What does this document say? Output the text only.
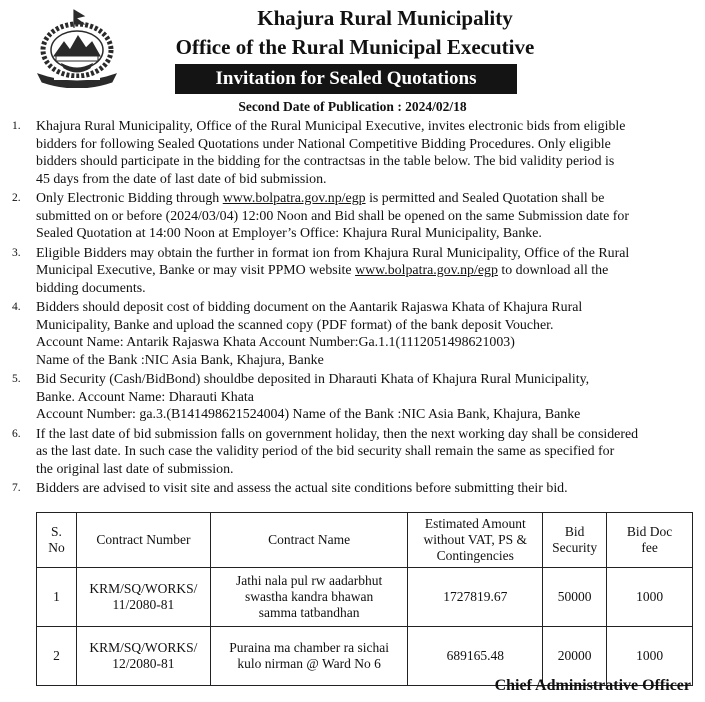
Khajura Rural Municipality
Office of the Rural Municipal Executive
Invitation for Sealed Quotations
Second Date of Publication : 2024/02/18
1. Khajura Rural Municipality, Office of the Rural Municipal Executive, invites electronic bids from eligible
bidders for following Sealed Quotations under National Competitive Bidding Procedures. Only eligible
bidders should participate in the bidding for the contractsas in the table below. The bid validity period is
45 days from the date of last date of bid submission.
2. Only Electronic Bidding through www.bolpatra.gov.np/egp is permitted and Sealed Quotation shall be
submitted on or before (2024/03/04) 12:00 Noon and Bid shall be opened on the same Submission date for
Sealed Quotation at 14:00 Noon at Employer’s Office: Khajura Rural Municipality, Banke.
3. Eligible Bidders may obtain the further in format ion from Khajura Rural Municipality, Office of the Rural
Municipal Executive, Banke or may visit PPMO website www.bolpatra.gov.np/egp to download all the
bidding documents.
4. Bidders should deposit cost of bidding document on the Aantarik Rajaswa Khata of Khajura Rural
Municipality, Banke and upload the scanned copy (PDF format) of the bank deposit Voucher.
Account Name: Antarik Rajaswa Khata Account Number:Ga.1.1(1112051498621003)
Name of the Bank :NIC Asia Bank, Khajura, Banke
5. Bid Security (Cash/BidBond) shouldbe deposited in Dharauti Khata of Khajura Rural Municipality,
Banke. Account Name: Dharauti Khata
Account Number: ga.3.(B141498621524004) Name of the Bank :NIC Asia Bank, Khajura, Banke
6. If the last date of bid submission falls on government holiday, then the next working day shall be considered
as the last date. In such case the validity period of the bid security shall remain the same as specified for
the original last date of submission.
7. Bidders are advised to visit site and assess the actual site conditions before submitting their bid.
S.
No	Contract Number	Contract Name	Estimated Amount
without VAT, PS &
Contingencies	Bid
Security	Bid Doc
fee
1	KRM/SQ/WORKS/
11/2080-81	Jathi nala pul rw aadarbhut
swastha kandra bhawan
samma tatbandhan	1727819.67	50000	1000
2	KRM/SQ/WORKS/
12/2080-81	Puraina ma chamber ra sichai
kulo nirman @ Ward No 6	689165.48	20000	1000
Chief Administrative Officer
